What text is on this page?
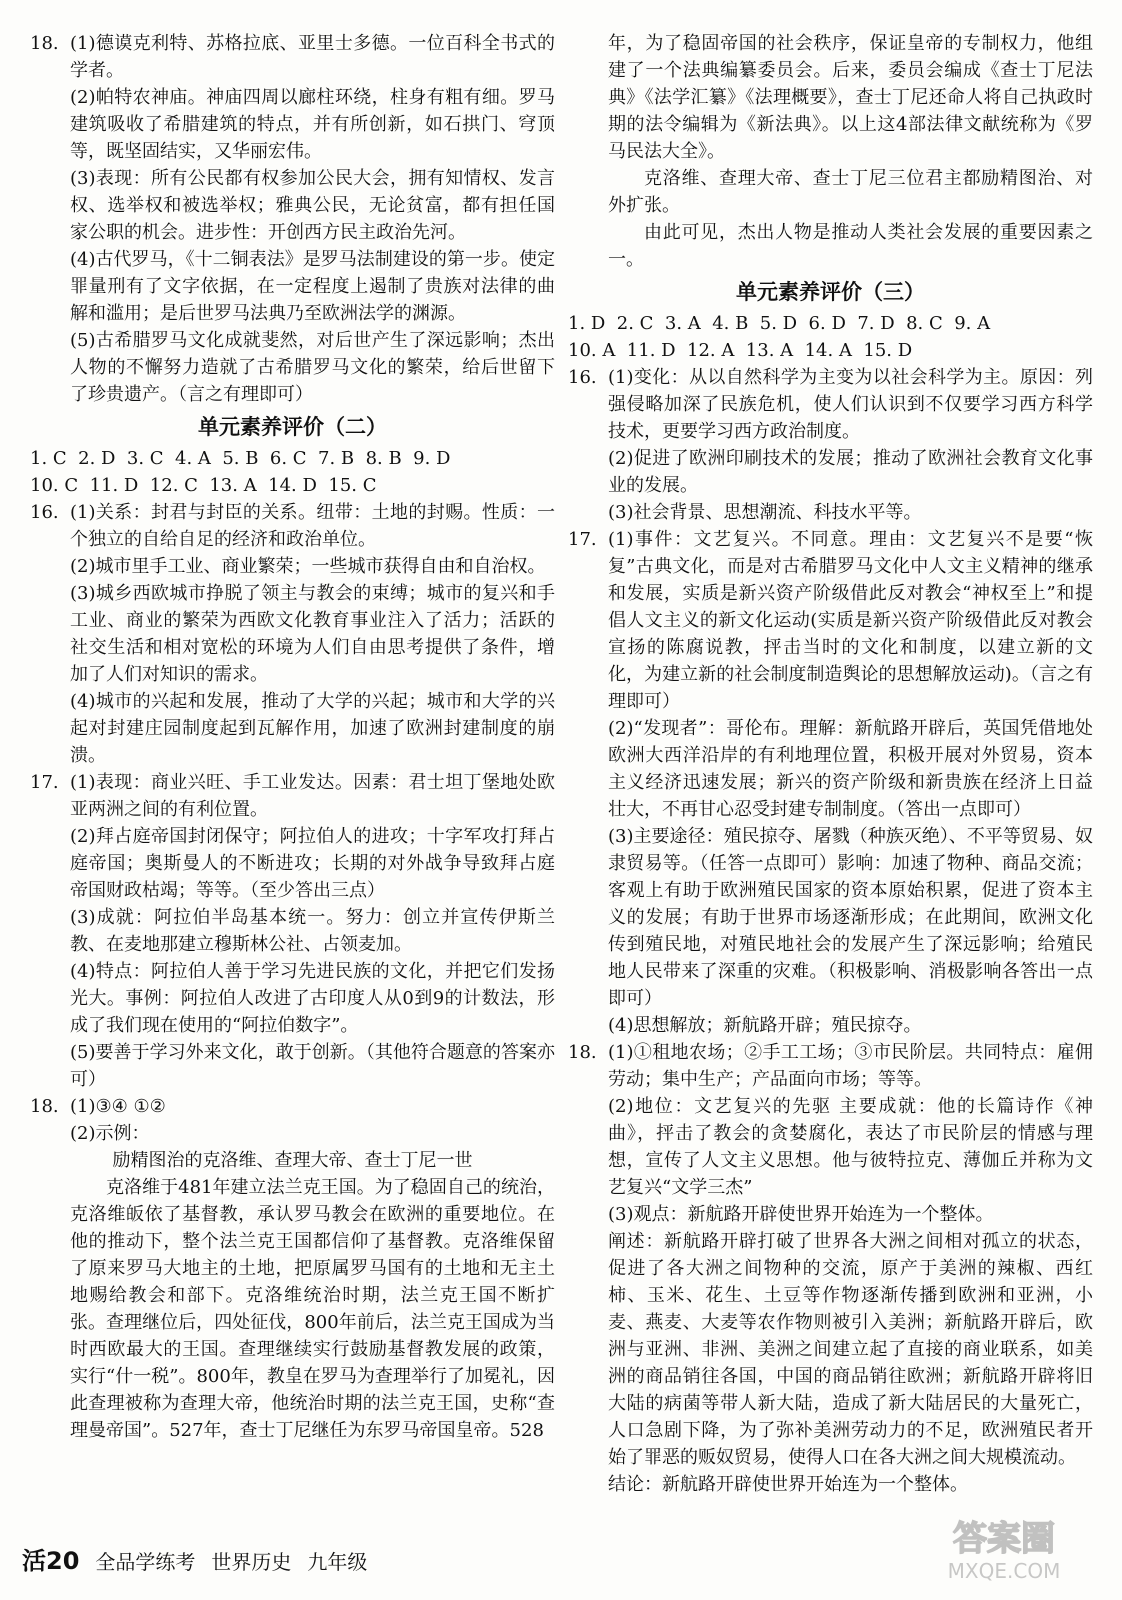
18. (1)德谟克利特、苏格拉底、亚里士多德。一位百科全书式的学者。
(2)帕特农神庙。神庙四周以廊柱环绕，柱身有粗有细。罗马建筑吸收了希腊建筑的特点，并有所创新，如石拱门、穹顶等，既坚固结实，又华丽宏伟。
(3)表现：所有公民都有权参加公民大会，拥有知情权、发言权、选举权和被选举权；雅典公民，无论贫富，都有担任国家公职的机会。进步性：开创西方民主政治先河。
(4)古代罗马，《十二铜表法》是罗马法制建设的第一步。使定罪量刑有了文字依据，在一定程度上遏制了贵族对法律的曲解和滥用；是后世罗马法典乃至欧洲法学的渊源。
(5)古希腊罗马文化成就斐然，对后世产生了深远影响；杰出人物的不懈努力造就了古希腊罗马文化的繁荣，给后世留下了珍贵遗产。（言之有理即可）
单元素养评价（二）
1. C  2. D  3. C  4. A  5. B  6. C  7. B  8. B  9. D
10. C  11. D  12. C  13. A  14. D  15. C
16. (1)关系：封君与封臣的关系。纽带：土地的封赐。性质：一个独立的自给自足的经济和政治单位。
(2)城市里手工业、商业繁荣；一些城市获得自由和自治权。
(3)城乡西欧城市挣脱了领主与教会的束缚；城市的复兴和手工业、商业的繁荣为西欧文化教育事业注入了活力；活跃的社交生活和相对宽松的环境为人们自由思考提供了条件，增加了人们对知识的需求。
(4)城市的兴起和发展，推动了大学的兴起；城市和大学的兴起对封建庄园制度起到瓦解作用，加速了欧洲封建制度的崩溃。
17. (1)表现：商业兴旺、手工业发达。因素：君士坦丁堡地处欧亚两洲之间的有利位置。
(2)拜占庭帝国封闭保守；阿拉伯人的进攻；十字军攻打拜占庭帝国；奥斯曼人的不断进攻；长期的对外战争导致拜占庭帝国财政枯竭；等等。（至少答出三点）
(3)成就：阿拉伯半岛基本统一。努力：创立并宣传伊斯兰教、在麦地那建立穆斯林公社、占领麦加。
(4)特点：阿拉伯人善于学习先进民族的文化，并把它们发扬光大。事例：阿拉伯人改进了古印度人从0到9的计数法，形成了我们现在使用的“阿拉伯数字”。
(5)要善于学习外来文化，敢于创新。（其他符合题意的答案亦可）
18. (1)③④ ①②
(2)示例：
励精图治的克洛维、查理大帝、查士丁尼一世
克洛维于481年建立法兰克王国。为了稳固自己的统治，克洛维皈依了基督教，承认罗马教会在欧洲的重要地位。在他的推动下，整个法兰克王国都信仰了基督教。克洛维保留了原来罗马大地主的土地，把原属罗马国有的土地和无主土地赐给教会和部下。克洛维统治时期，法兰克王国不断扩张。查理继位后，四处征伐，800年前后，法兰克王国成为当时西欧最大的王国。查理继续实行鼓励基督教发展的政策，实行“什一税”。800年，教皇在罗马为查理举行了加冕礼，因此查理被称为查理大帝，他统治时期的法兰克王国，史称“查理曼帝国”。527年，查士丁尼继任为东罗马帝国皇帝。528
年，为了稳固帝国的社会秩序，保证皇帝的专制权力，他组建了一个法典编纂委员会。后来，委员会编成《查士丁尼法典》《法学汇纂》《法理概要》，查士丁尼还命人将自己执政时期的法令编辑为《新法典》。以上这4部法律文献统称为《罗马民法大全》。
克洛维、查理大帝、查士丁尼三位君主都励精图治、对外扩张。
由此可见，杰出人物是推动人类社会发展的重要因素之一。
单元素养评价（三）
1. D  2. C  3. A  4. B  5. D  6. D  7. D  8. C  9. A
10. A  11. D  12. A  13. A  14. A  15. D
16. (1)变化：从以自然科学为主变为以社会科学为主。原因：列强侵略加深了民族危机，使人们认识到不仅要学习西方科学技术，更要学习西方政治制度。
(2)促进了欧洲印刷技术的发展；推动了欧洲社会教育文化事业的发展。
(3)社会背景、思想潮流、科技水平等。
17. (1)事件：文艺复兴。不同意。理由：文艺复兴不是要“恢复”古典文化，而是对古希腊罗马文化中人文主义精神的继承和发展，实质是新兴资产阶级借此反对教会“神权至上”和提倡人文主义的新文化运动(实质是新兴资产阶级借此反对教会宣扬的陈腐说教，抨击当时的文化和制度，以建立新的文化，为建立新的社会制度制造舆论的思想解放运动)。（言之有理即可）
(2)“发现者”：哥伦布。理解：新航路开辟后，英国凭借地处欧洲大西洋沿岸的有利地理位置，积极开展对外贸易，资本主义经济迅速发展；新兴的资产阶级和新贵族在经济上日益壮大，不再甘心忍受封建专制制度。（答出一点即可）
(3)主要途径：殖民掠夺、屠戮（种族灭绝）、不平等贸易、奴隶贸易等。（任答一点即可）影响：加速了物种、商品交流；客观上有助于欧洲殖民国家的资本原始积累，促进了资本主义的发展；有助于世界市场逐渐形成；在此期间，欧洲文化传到殖民地，对殖民地社会的发展产生了深远影响；给殖民地人民带来了深重的灾难。（积极影响、消极影响各答出一点即可）
(4)思想解放；新航路开辟；殖民掠夺。
18. (1)①租地农场；②手工工场；③市民阶层。共同特点：雇佣劳动；集中生产；产品面向市场；等等。
(2)地位：文艺复兴的先驱 主要成就：他的长篇诗作《神曲》，抨击了教会的贪婪腐化，表达了市民阶层的情感与理想，宣传了人文主义思想。他与彼特拉克、薄伽丘并称为文艺复兴“文学三杰”
(3)观点：新航路开辟使世界开始连为一个整体。
阐述：新航路开辟打破了世界各大洲之间相对孤立的状态，促进了各大洲之间物种的交流，原产于美洲的辣椒、西红柿、玉米、花生、土豆等作物逐渐传播到欧洲和亚洲，小麦、燕麦、大麦等农作物则被引入美洲；新航路开辟后，欧洲与亚洲、非洲、美洲之间建立起了直接的商业联系，如美洲的商品销往各国，中国的商品销往欧洲；新航路开辟将旧大陆的病菌等带人新大陆，造成了新大陆居民的大量死亡，人口急剧下降，为了弥补美洲劳动力的不足，欧洲殖民者开始了罪恶的贩奴贸易，使得人口在各大洲之间大规模流动。
结论：新航路开辟使世界开始连为一个整体。
活20 全品学练考 世界历史 九年级
答案圈
MXQE.COM
